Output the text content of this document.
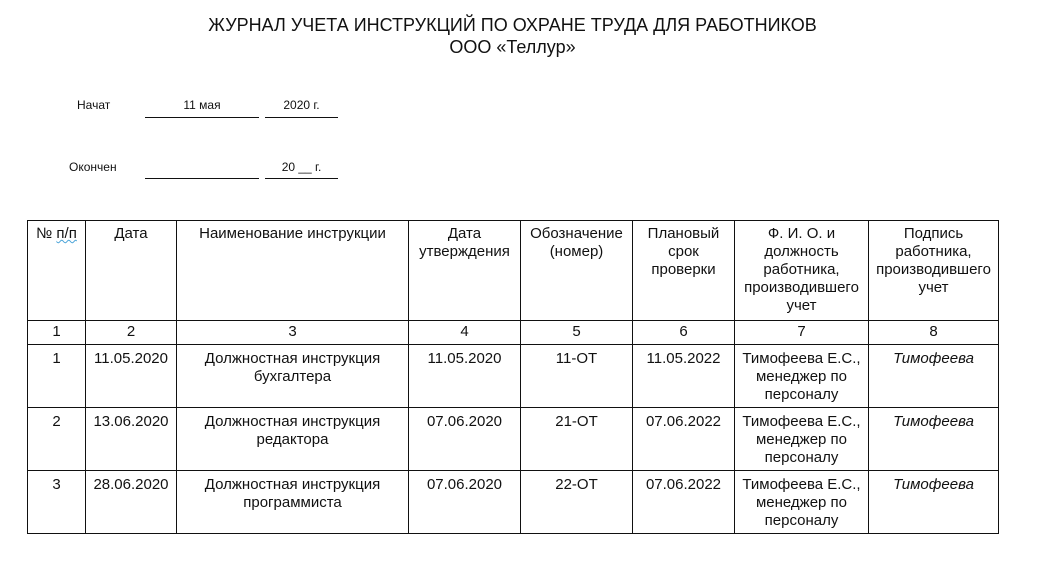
ЖУРНАЛ УЧЕТА ИНСТРУКЦИЙ ПО ОХРАНЕ ТРУДА ДЛЯ РАБОТНИКОВ
ООО «Теллур»
Начат	11 мая	2020 г.
Окончен	20 __ г.
№ п/п	Дата	Наименование инструкции	Дата утверждения	Обозначение (номер)	Плановый срок проверки	Ф. И. О. и должность работника, производившего учет	Подпись работника, производившего учет
1	2	3	4	5	6	7	8
1	11.05.2020	Должностная инструкция бухгалтера	11.05.2020	11-ОТ	11.05.2022	Тимофеева Е.С., менеджер по персоналу	Тимофеева
2	13.06.2020	Должностная инструкция редактора	07.06.2020	21-ОТ	07.06.2022	Тимофеева Е.С., менеджер по персоналу	Тимофеева
3	28.06.2020	Должностная инструкция программиста	07.06.2020	22-ОТ	07.06.2022	Тимофеева Е.С., менеджер по персоналу	Тимофеева
